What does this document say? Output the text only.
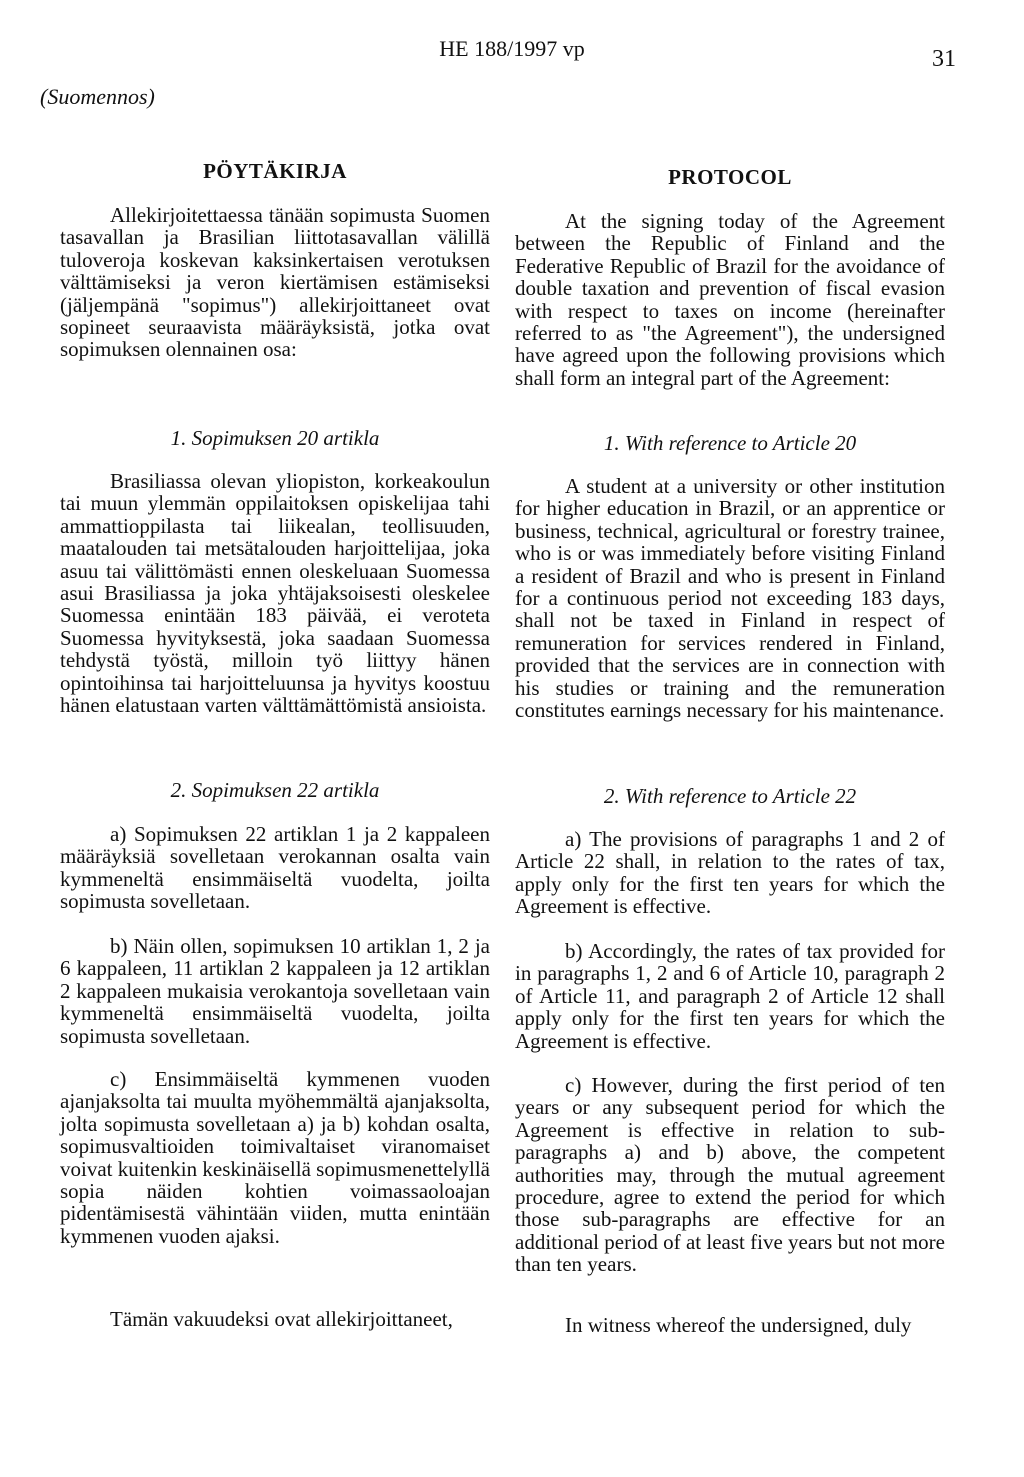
HE 188/1997 vp	31
(Suomennos)
PÖYTÄKIRJA
Allekirjoitettaessa tänään sopimusta Suomen tasavallan ja Brasilian liittotasavallan välillä tuloveroja koskevan kaksinkertaisen verotuksen välttämiseksi ja veron kiertämisen estämiseksi (jäljempänä "sopimus") allekirjoittaneet ovat sopineet seuraavista määräyksistä, jotka ovat sopimuksen olennainen osa:
1. Sopimuksen 20 artikla
Brasiliassa olevan yliopiston, korkeakoulun tai muun ylemmän oppilaitoksen opiskelijaa tahi ammattioppilasta tai liikealan, teollisuuden, maatalouden tai metsätalouden harjoittelijaa, joka asuu tai välittömästi ennen oleskeluaan Suomessa asui Brasiliassa ja joka yhtäjaksoisesti oleskelee Suomessa enintään 183 päivää, ei veroteta Suomessa hyvityksestä, joka saadaan Suomessa tehdystä työstä, milloin työ liittyy hänen opintoihinsa tai harjoitteluunsa ja hyvitys koostuu hänen elatustaan varten välttämättömistä ansioista.
2. Sopimuksen 22 artikla
a) Sopimuksen 22 artiklan 1 ja 2 kappaleen määräyksiä sovelletaan verokannan osalta vain kymmeneltä ensimmäiseltä vuodelta, joilta sopimusta sovelletaan.
b) Näin ollen, sopimuksen 10 artiklan 1, 2 ja 6 kappaleen, 11 artiklan 2 kappaleen ja 12 artiklan 2 kappaleen mukaisia verokantoja sovelletaan vain kymmeneltä ensimmäiseltä vuodelta, joilta sopimusta sovelletaan.
c) Ensimmäiseltä kymmenen vuoden ajanjaksolta tai muulta myöhemmältä ajanjaksolta, jolta sopimusta sovelletaan a) ja b) kohdan osalta, sopimusvaltioiden toimivaltaiset viranomaiset voivat kuitenkin keskinäisellä sopimusmenettelyllä sopia näiden kohtien voimassaoloajan pidentämisestä vähintään viiden, mutta enintään kymmenen vuoden ajaksi.
Tämän vakuudeksi ovat allekirjoittaneet,
PROTOCOL
At the signing today of the Agreement between the Republic of Finland and the Federative Republic of Brazil for the avoidance of double taxation and prevention of fiscal evasion with respect to taxes on income (hereinafter referred to as "the Agreement"), the undersigned have agreed upon the following provisions which shall form an integral part of the Agreement:
1. With reference to Article 20
A student at a university or other institution for higher education in Brazil, or an apprentice or business, technical, agricultural or forestry trainee, who is or was immediately before visiting Finland a resident of Brazil and who is present in Finland for a continuous period not exceeding 183 days, shall not be taxed in Finland in respect of remuneration for services rendered in Finland, provided that the services are in connection with his studies or training and the remuneration constitutes earnings necessary for his maintenance.
2. With reference to Article 22
a) The provisions of paragraphs 1 and 2 of Article 22 shall, in relation to the rates of tax, apply only for the first ten years for which the Agreement is effective.
b) Accordingly, the rates of tax provided for in paragraphs 1, 2 and 6 of Article 10, paragraph 2 of Article 11, and paragraph 2 of Article 12 shall apply only for the first ten years for which the Agreement is effective.
c) However, during the first period of ten years or any subsequent period for which the Agreement is effective in relation to sub-paragraphs a) and b) above, the competent authorities may, through the mutual agreement procedure, agree to extend the period for which those sub-paragraphs are effective for an additional period of at least five years but not more than ten years.
In witness whereof the undersigned, duly
